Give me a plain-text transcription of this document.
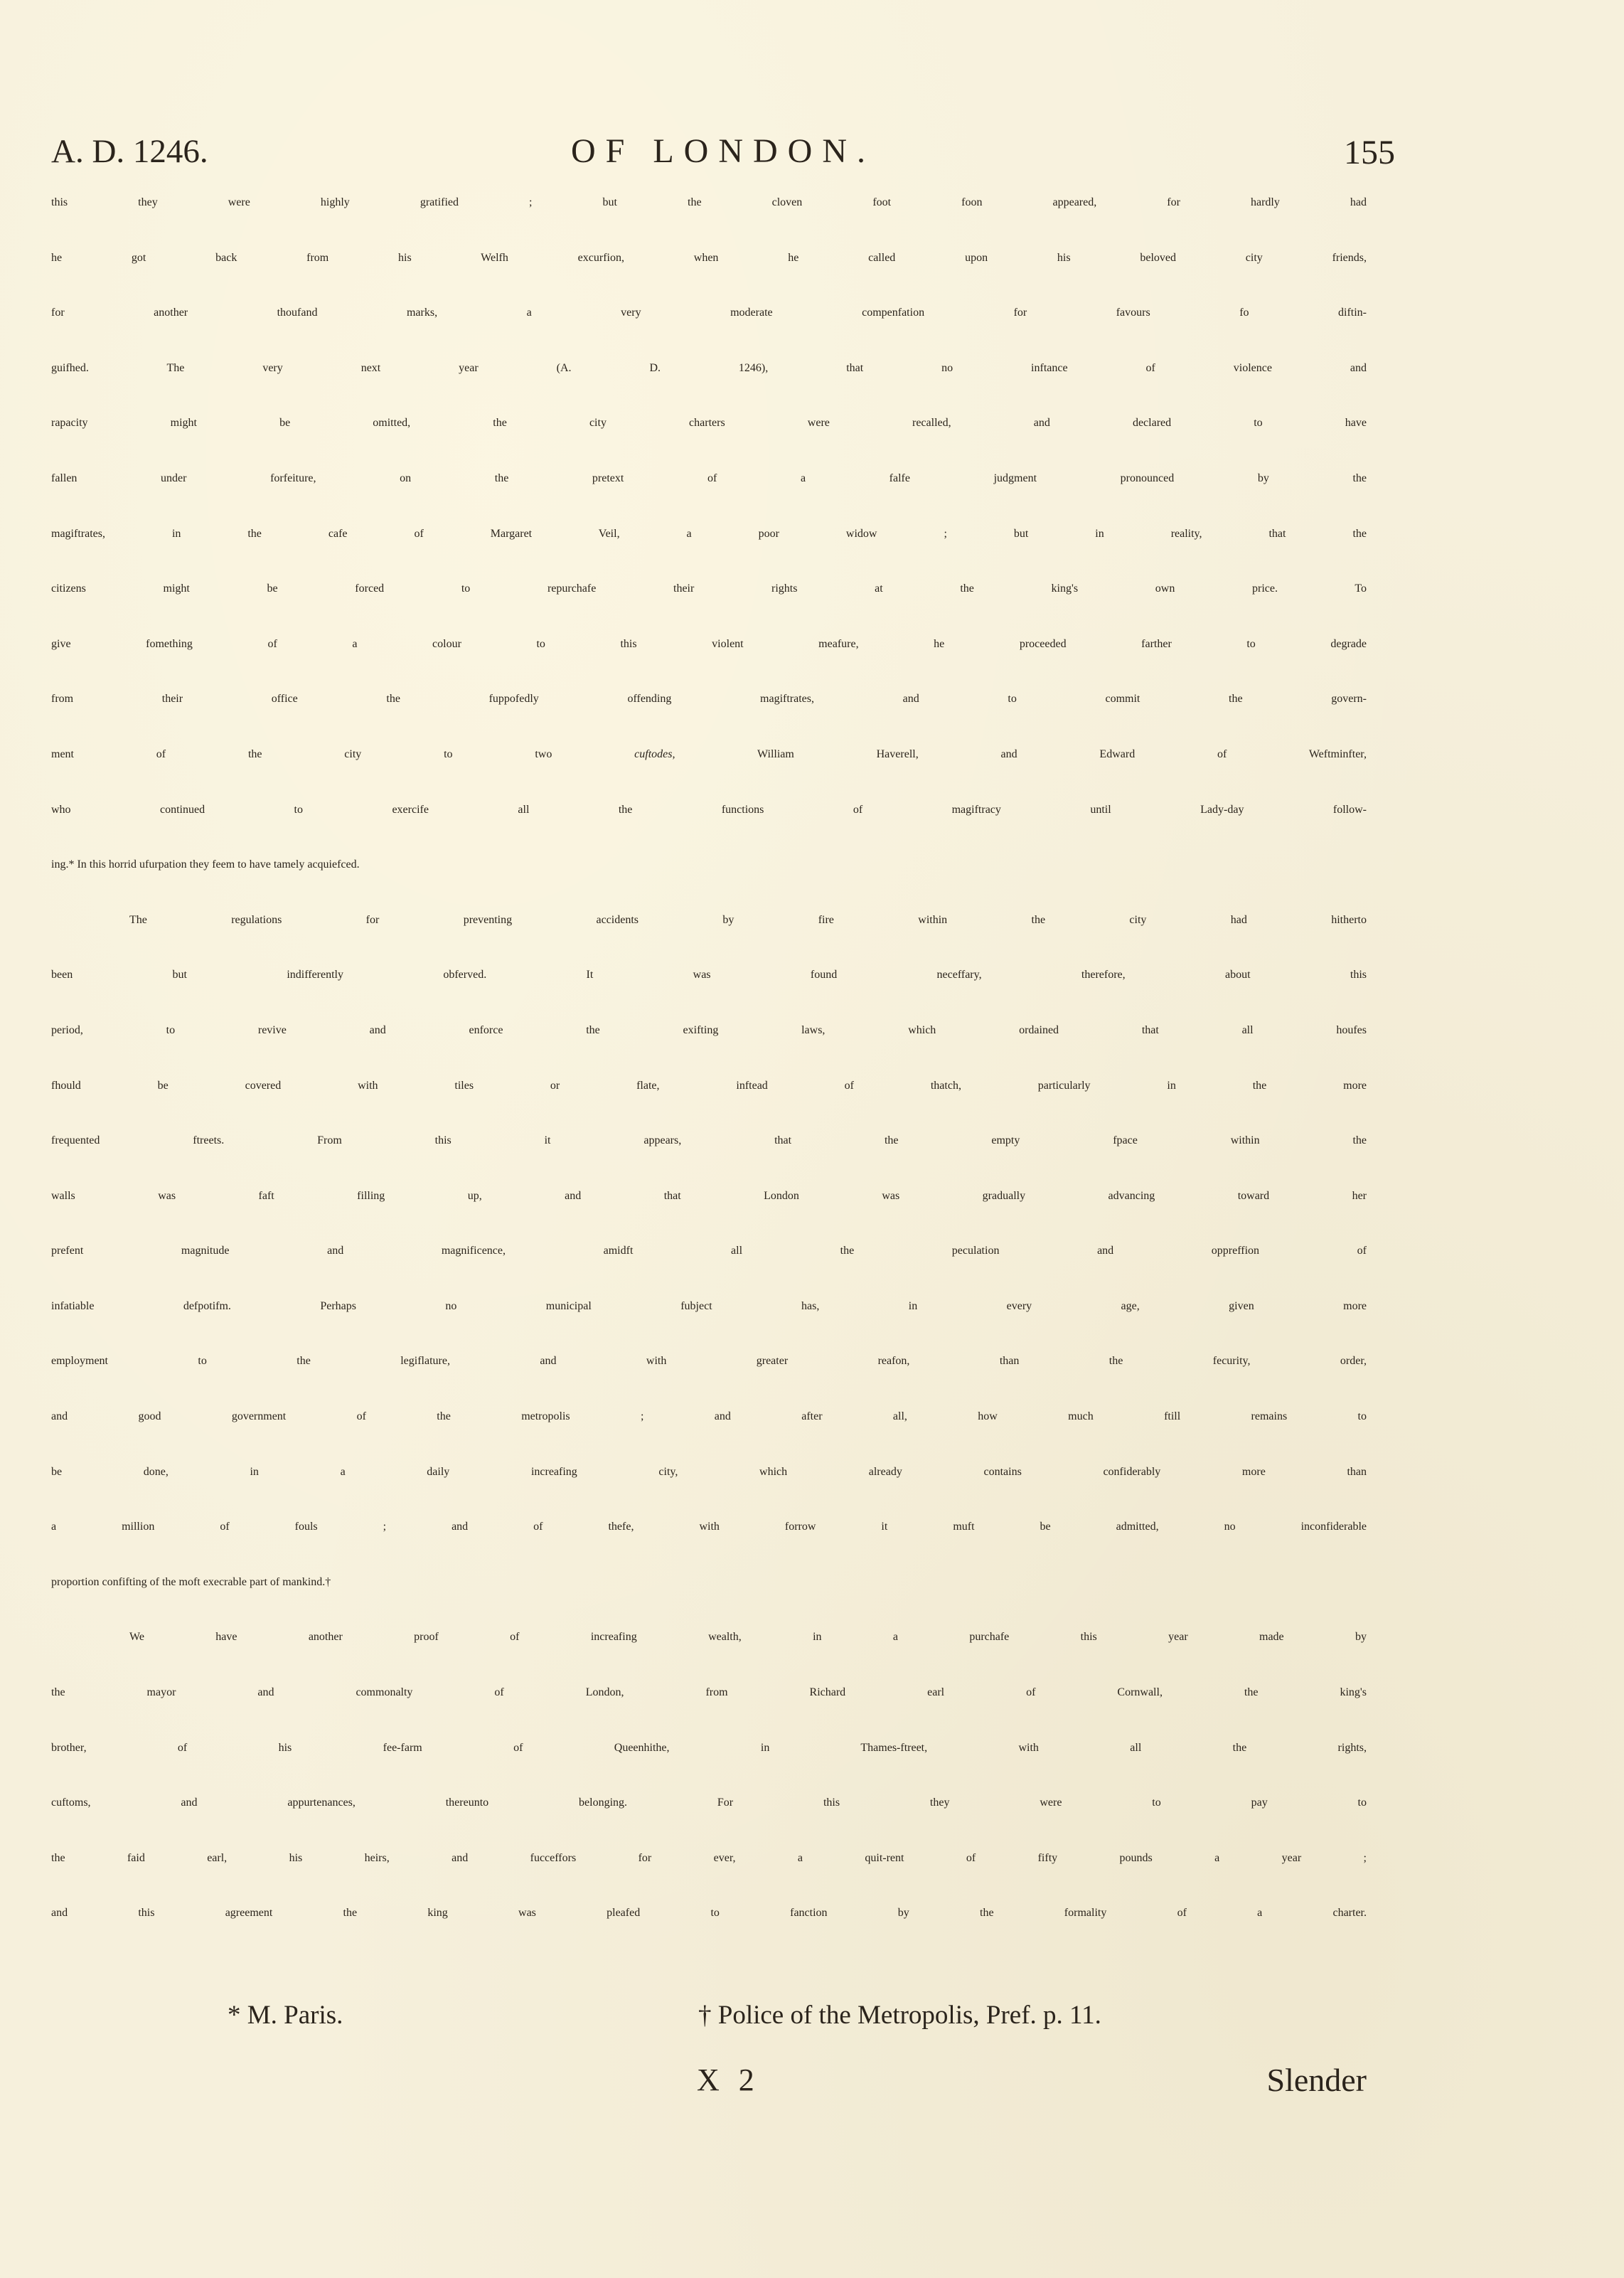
A. D. 1246.	OF LONDON.	155
this they were highly gratified ; but the cloven foot foon appeared, for hardly had
he got back from his Welfh excurfion, when he called upon his beloved city friends,
for another thoufand marks, a very moderate compenfation for favours fo diftin-
guifhed. The very next year (A. D. 1246), that no inftance of violence and
rapacity might be omitted, the city charters were recalled, and declared to have
fallen under forfeiture, on the pretext of a falfe judgment pronounced by the
magiftrates, in the cafe of Margaret Veil, a poor widow ; but in reality, that the
citizens might be forced to repurchafe their rights at the king's own price. To
give fomething of a colour to this violent meafure, he proceeded farther to degrade
from their office the fuppofedly offending magiftrates, and to commit the govern-
ment of the city to two	cuftodes,	William Haverell, and Edward of Weftminfter,
who continued to exercife all the functions of magiftracy until Lady-day follow-
ing.* In this horrid ufurpation they feem to have tamely acquiefced.
The regulations for preventing accidents by fire within the city had hitherto
been but indifferently obferved. It was found neceffary, therefore, about this
period, to revive and enforce the exifting laws, which ordained that all houfes
fhould be covered with tiles or flate, inftead of thatch, particularly in the more
frequented ftreets. From this it appears, that the empty fpace within the
walls was faft filling up, and that London was gradually advancing toward her
prefent magnitude and magnificence, amidft all the peculation and oppreffion of
infatiable defpotifm. Perhaps no municipal fubject has, in every age, given more
employment to the legiflature, and with greater reafon, than the fecurity, order,
and good government of the metropolis ; and after all, how much ftill remains to
be done, in a daily increafing city, which already contains confiderably more than
a million of fouls ; and of thefe, with forrow it muft be admitted, no inconfiderable
proportion confifting of the moft execrable part of mankind.†
We have another proof of increafing wealth, in a purchafe this year made by
the mayor and commonalty of London, from Richard earl of Cornwall, the king's
brother, of his fee-farm of Queenhithe, in Thames-ftreet, with all the rights,
cuftoms, and appurtenances, thereunto belonging. For this they were to pay to
the faid earl, his heirs, and fucceffors for ever, a quit-rent of fifty pounds a year ;
and this agreement the king was pleafed to fanction by the formality of a charter.
* M. Paris.	† Police of the Metropolis, Pref. p. 11.
X 2	Slender
